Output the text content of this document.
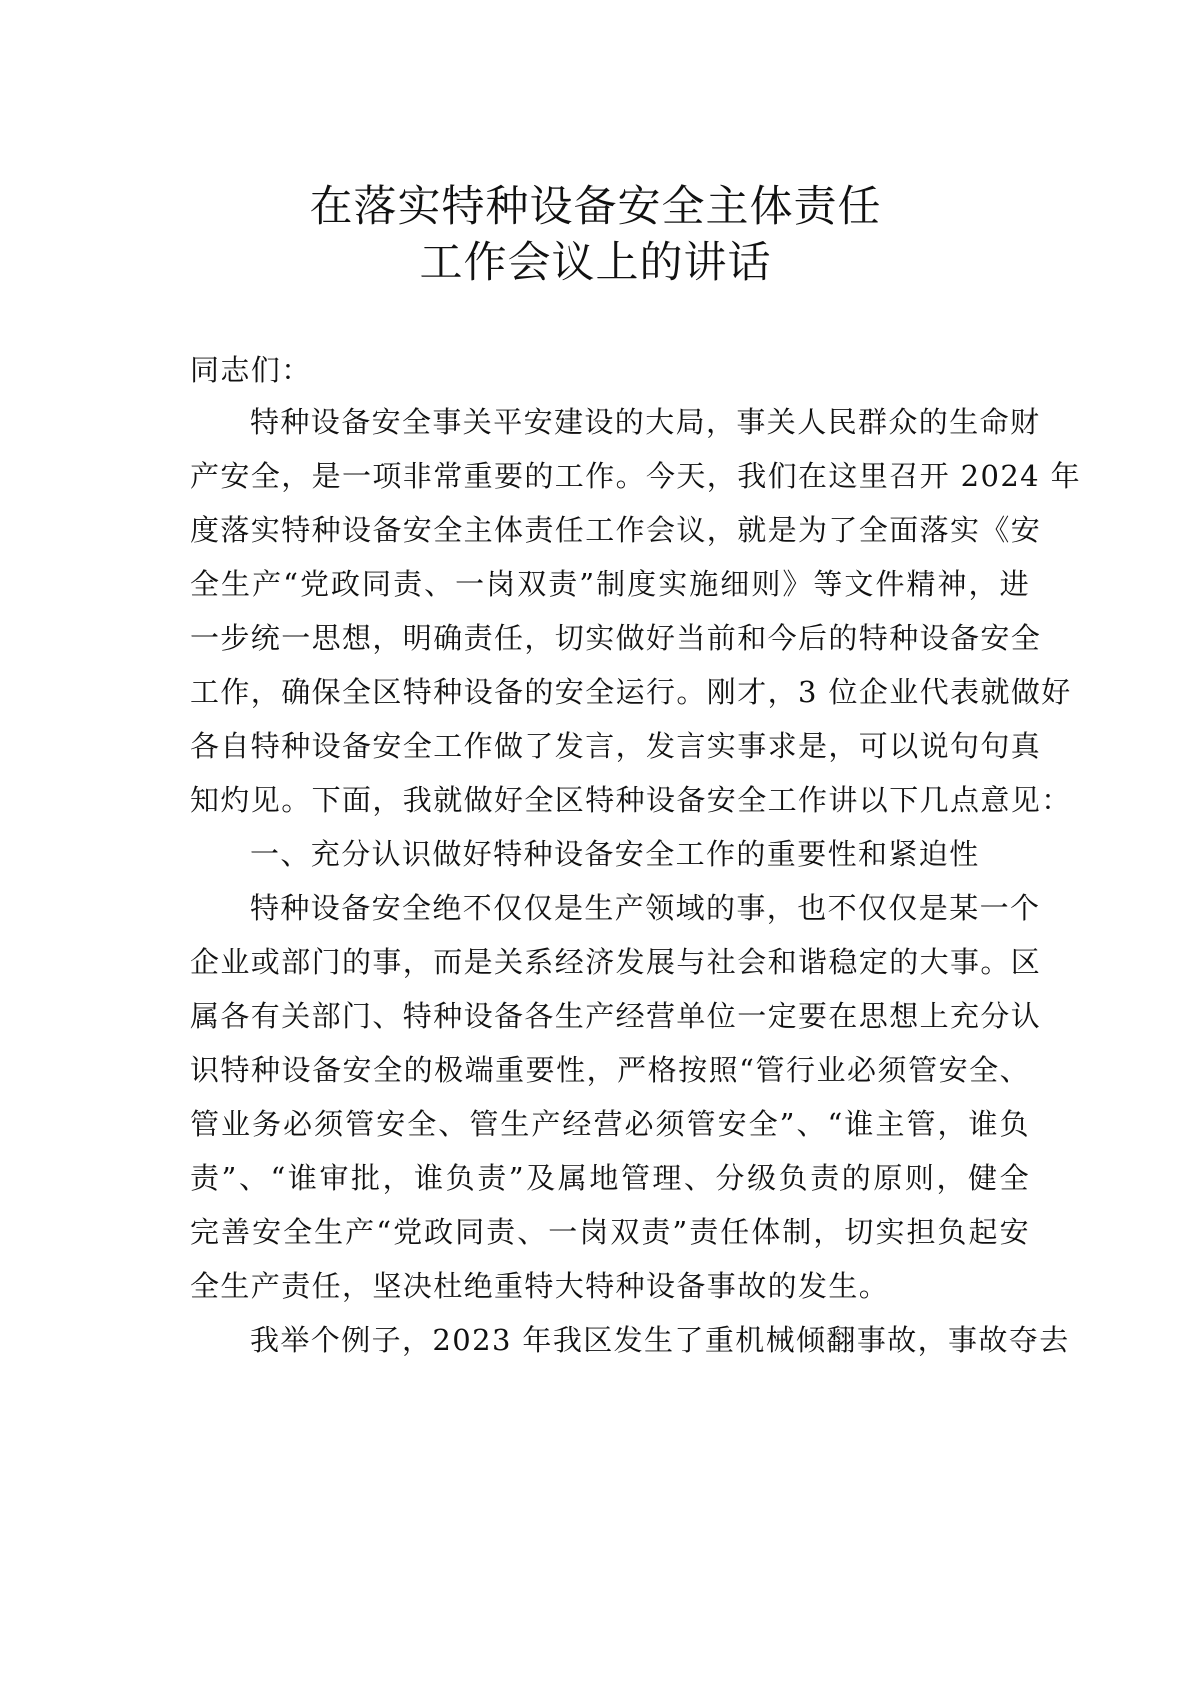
在落实特种设备安全主体责任
工作会议上的讲话
同志们：
特种设备安全事关平安建设的大局，事关人民群众的生命财
产安全，是一项非常重要的工作。今天，我们在这里召开 2024 年
度落实特种设备安全主体责任工作会议，就是为了全面落实《安
全生产“党政同责、一岗双责”制度实施细则》等文件精神，进
一步统一思想，明确责任，切实做好当前和今后的特种设备安全
工作，确保全区特种设备的安全运行。刚才，3 位企业代表就做好
各自特种设备安全工作做了发言，发言实事求是，可以说句句真
知灼见。下面，我就做好全区特种设备安全工作讲以下几点意见：
一、充分认识做好特种设备安全工作的重要性和紧迫性
特种设备安全绝不仅仅是生产领域的事，也不仅仅是某一个
企业或部门的事，而是关系经济发展与社会和谐稳定的大事。区
属各有关部门、特种设备各生产经营单位一定要在思想上充分认
识特种设备安全的极端重要性，严格按照“管行业必须管安全、
管业务必须管安全、管生产经营必须管安全”、“谁主管，谁负
责”、“谁审批，谁负责”及属地管理、分级负责的原则，健全
完善安全生产“党政同责、一岗双责”责任体制，切实担负起安
全生产责任，坚决杜绝重特大特种设备事故的发生。
我举个例子，2023 年我区发生了重机械倾翻事故，事故夺去
